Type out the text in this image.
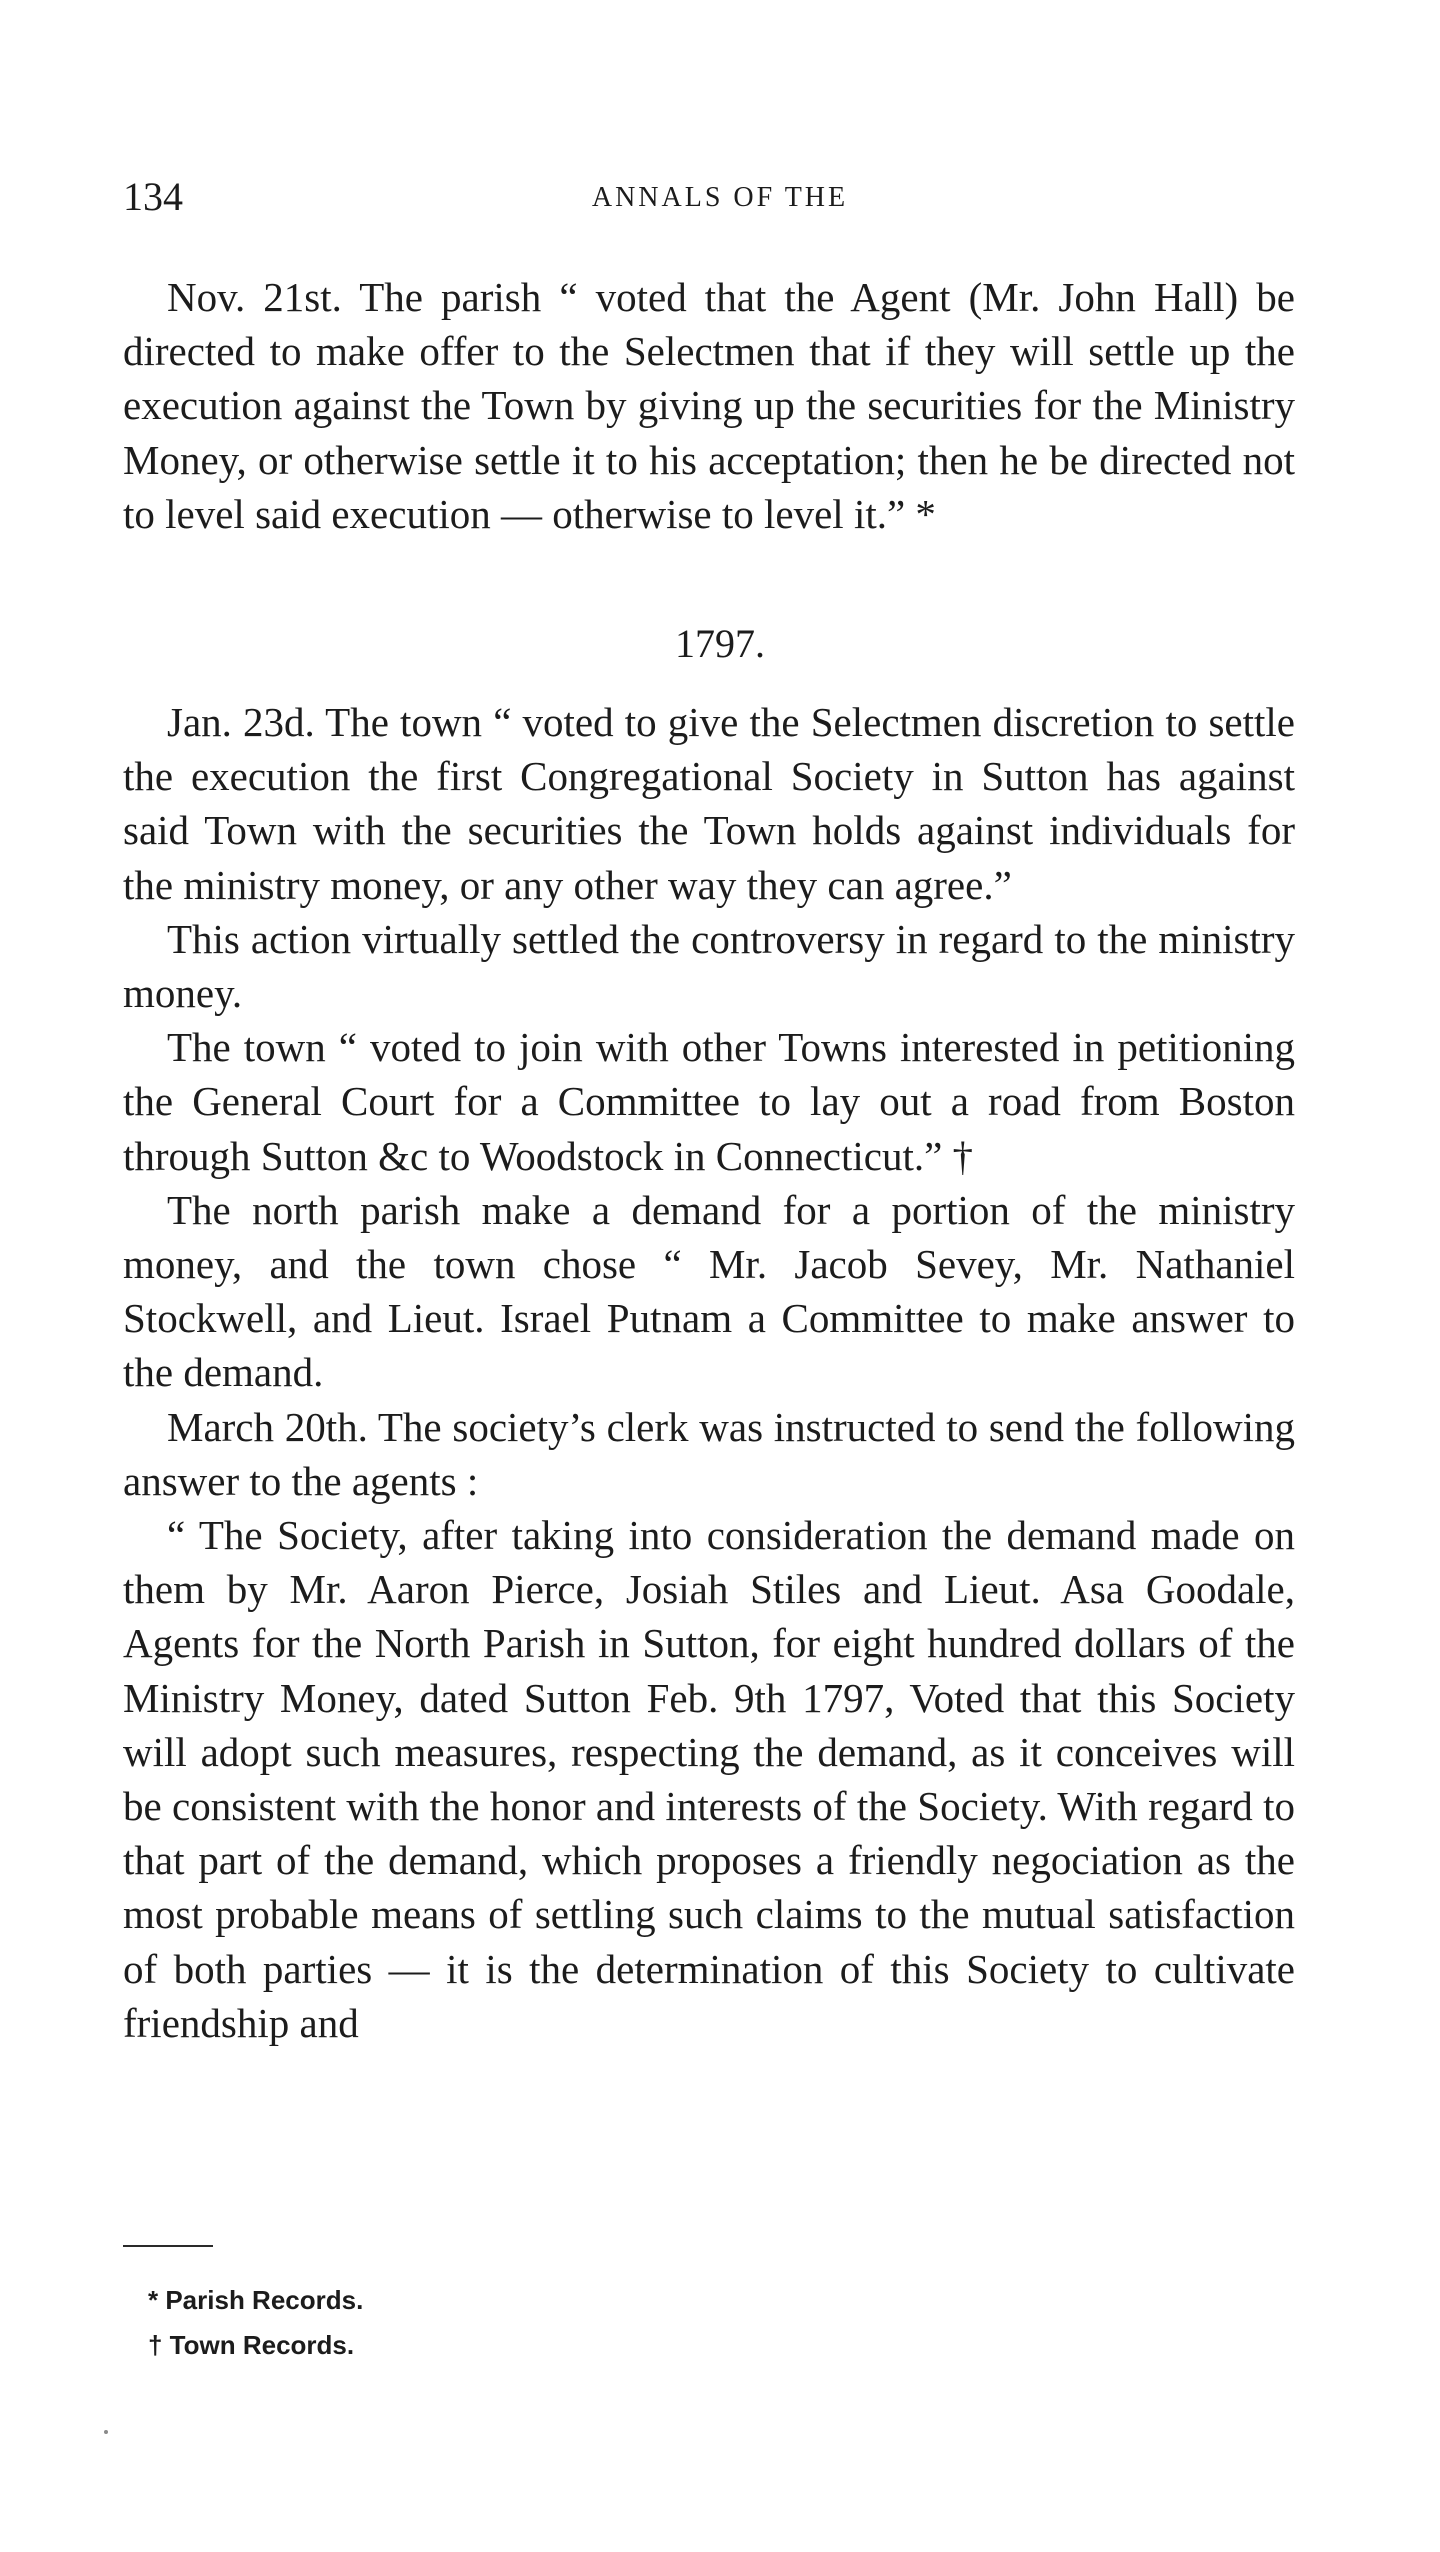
134	ANNALS OF THE

Nov. 21st. The parish “ voted that the Agent (Mr. John Hall) be directed to make offer to the Selectmen that if they will settle up the execution against the Town by giving up the securities for the Ministry Money, or otherwise settle it to his acceptation; then he be directed not to level said execution — otherwise to level it.” *

1797.

Jan. 23d. The town “ voted to give the Selectmen discretion to settle the execution the first Congregational Society in Sutton has against said Town with the securities the Town holds against individuals for the ministry money, or any other way they can agree.”

This action virtually settled the controversy in regard to the ministry money.

The town “ voted to join with other Towns interested in petitioning the General Court for a Committee to lay out a road from Boston through Sutton &c to Woodstock in Connecticut.” †

The north parish make a demand for a portion of the ministry money, and the town chose “ Mr. Jacob Sevey, Mr. Nathaniel Stockwell, and Lieut. Israel Putnam a Committee to make answer to the demand.

March 20th. The society’s clerk was instructed to send the following answer to the agents :

“ The Society, after taking into consideration the demand made on them by Mr. Aaron Pierce, Josiah Stiles and Lieut. Asa Goodale, Agents for the North Parish in Sutton, for eight hundred dollars of the Ministry Money, dated Sutton Feb. 9th 1797, Voted that this Society will adopt such measures, respecting the demand, as it conceives will be consistent with the honor and interests of the Society. With regard to that part of the demand, which proposes a friendly negociation as the most probable means of settling such claims to the mutual satisfaction of both parties — it is the determination of this Society to cultivate friendship and

* Parish Records.
† Town Records.
